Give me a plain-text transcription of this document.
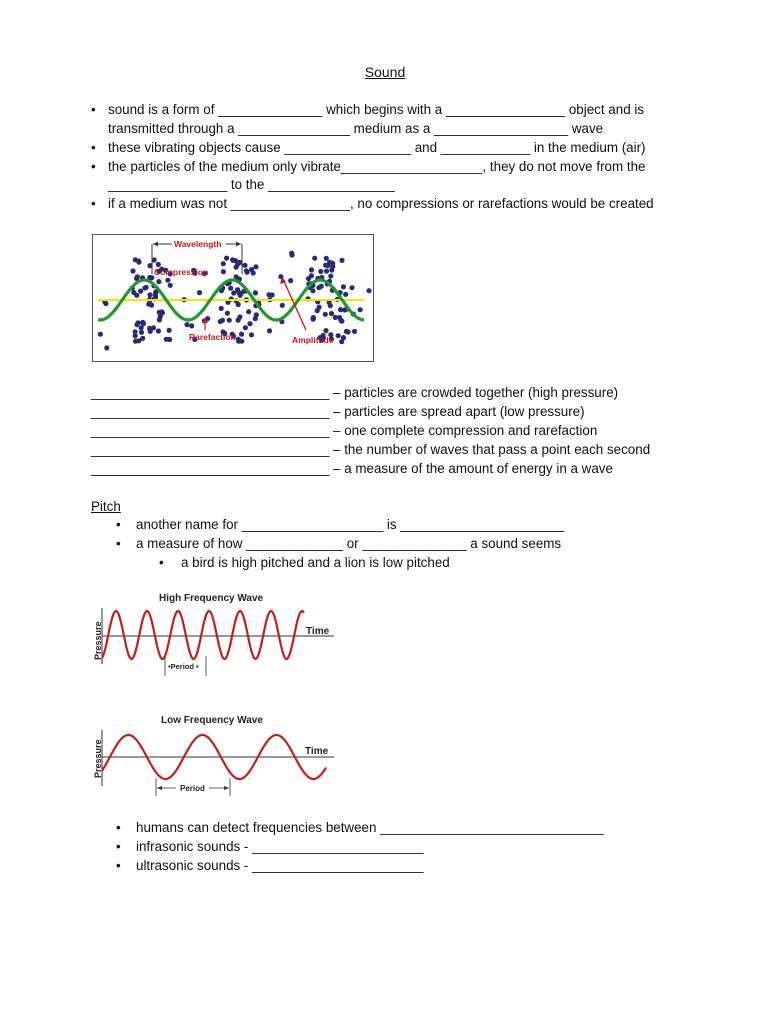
Sound
• sound is a form of ______________ which begins with a ________________ object and is
transmitted through a _______________ medium as a __________________ wave
• these vibrating objects cause _________________ and ____________ in the medium (air)
• the particles of the medium only vibrate___________________, they do not move from the
________________ to the _________________
• if a medium was not ________________, no compressions or rarefactions would be created
Wavelength
Compression
Rarefaction	Amplitude
________________________________ – particles are crowded together (high pressure)
________________________________ – particles are spread apart (low pressure)
________________________________ – one complete compression and rarefaction
________________________________ – the number of waves that pass a point each second
________________________________ – a measure of the amount of energy in a wave
Pitch
• another name for ___________________ is ______________________
• a measure of how _____________ or ______________ a sound seems
• a bird is high pitched and a lion is low pitched
High Frequency Wave
Pressure	Time
•Period •
Low Frequency Wave
Pressure	Time
Period
• humans can detect frequencies between ______________________________
• infrasonic sounds - _______________________
• ultrasonic sounds - _______________________
